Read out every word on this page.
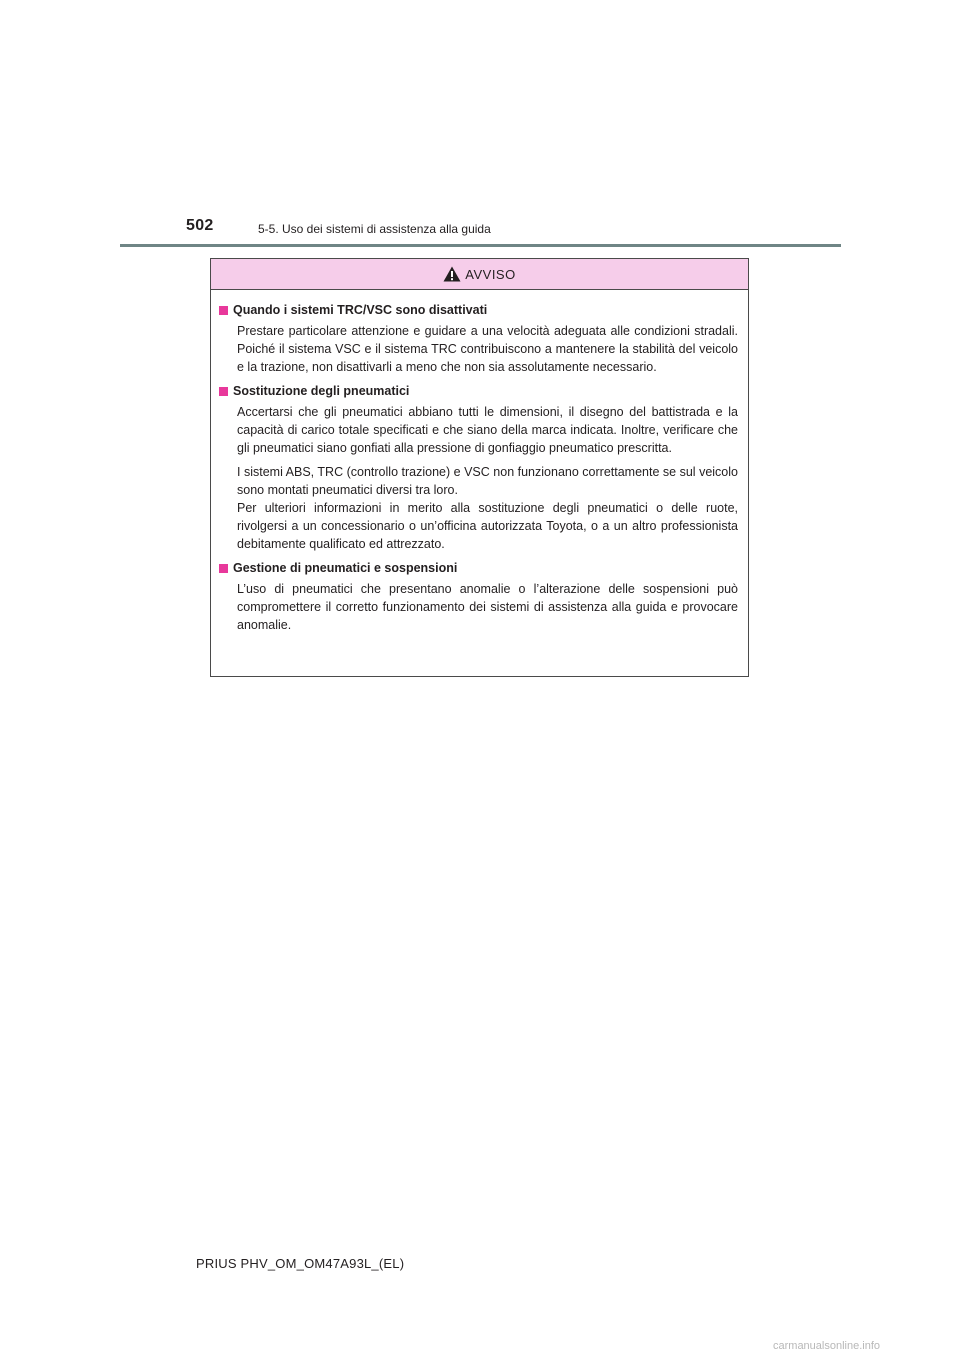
502	5-5. Uso dei sistemi di assistenza alla guida
AVVISO
Quando i sistemi TRC/VSC sono disattivati

Prestare particolare attenzione e guidare a una velocità adeguata alle condizioni stradali. Poiché il sistema VSC e il sistema TRC contribuiscono a mantenere la stabilità del veicolo e la trazione, non disattivarli a meno che non sia assolutamente necessario.

Sostituzione degli pneumatici

Accertarsi che gli pneumatici abbiano tutti le dimensioni, il disegno del battistrada e la capacità di carico totale specificati e che siano della marca indicata. Inoltre, verificare che gli pneumatici siano gonfiati alla pressione di gonfiaggio pneumatico prescritta.

I sistemi ABS, TRC (controllo trazione) e VSC non funzionano correttamente se sul veicolo sono montati pneumatici diversi tra loro.
Per ulteriori informazioni in merito alla sostituzione degli pneumatici o delle ruote, rivolgersi a un concessionario o un’officina autorizzata Toyota, o a un altro professionista debitamente qualificato ed attrezzato.

Gestione di pneumatici e sospensioni

L’uso di pneumatici che presentano anomalie o l’alterazione delle sospensioni può compromettere il corretto funzionamento dei sistemi di assistenza alla guida e provocare anomalie.

PRIUS PHV_OM_OM47A93L_(EL)
carmanualsonline.info
